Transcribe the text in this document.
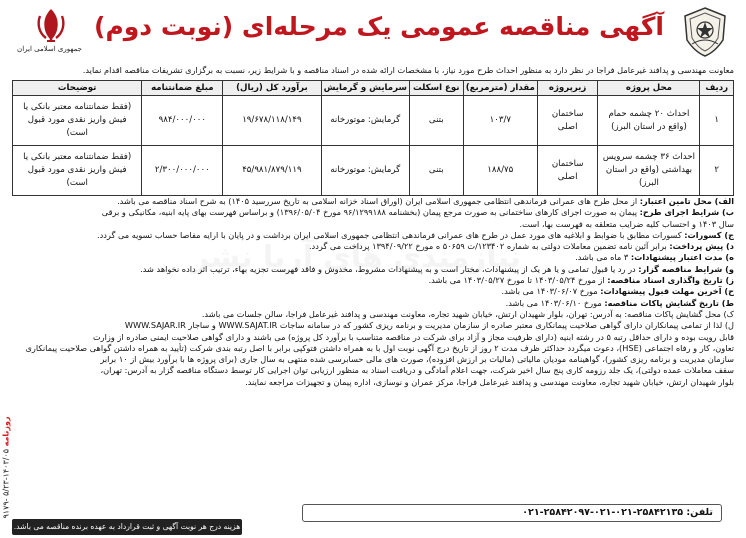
آگهی مناقصه عمومی یک مرحله‌ای (نوبت دوم)
جمهوری اسلامی ایران
معاونت مهندسی و پدافند غیرعامل فراجا در نظر دارد به منظور احداث طرح مورد نیاز، با مشخصات ارائه شده در اسناد مناقصه و با شرایط زیر، نسبت به برگزاری تشریفات مناقصه اقدام نماید.
ردیف	محل پروژه	زیرپروژه	مقدار (مترمربع)	نوع اسکلت	سرمایش و گرمایش	برآورد کل (ریال)	مبلغ ضمانتنامه	توضیحات
۱	احداث ۲۰ چشمه حمام (واقع در استان البرز)	ساختمان اصلی	۱۰۳/۷	بتنی	گرمایش: موتورخانه	۱۹/۶۷۸/۱۱۸/۱۴۹	۹۸۴/۰۰۰/۰۰۰	(فقط ضمانتنامه معتبر بانکی یا فیش واریز نقدی مورد قبول است)
۲	احداث ۳۶ چشمه سرویس بهداشتی (واقع در استان البرز)	ساختمان اصلی	۱۸۸/۷۵	بتنی	گرمایش: موتورخانه	۴۵/۹۸۱/۸۷۹/۱۱۹	۲/۳۰۰/۰۰۰/۰۰۰	(فقط ضمانتنامه معتبر بانکی یا فیش واریز نقدی مورد قبول است)
الف) محل تامین اعتبار: از محل طرح های عمرانی فرماندهی انتظامی جمهوری اسلامی ایران (اوراق اسناد خزانه اسلامی به تاریخ سررسید ۱۴۰۵) به شرح اسناد مناقصه می باشد.
ب) شرایط اجرای طرح: پیمان به صورت اجرای کارهای ساختمانی به صورت مرجع پیمان (بخشنامه ۹۶/۱۲۹۹۱۸۸ مورخ ۱۳۹۶/۰۵/۰۴) و براساس فهرست بهای پایه ابنیه، مکانیکی و برقی
سال ۱۴۰۳ و احتساب کلیه ضرایب متعلقه به فهرست بها، است.
ج) کسورات: کسورات مطابق با ضوابط و ابلاغیه های مورد عمل در طرح های عمرانی فرماندهی انتظامی جمهوری اسلامی ایران برداشت و در پایان با ارایه مفاصا حساب تسویه می گردد.
د) پیش پرداخت: برابر آئین نامه تضمین معاملات دولتی به شماره ۱۲۳۴۰۲/ت ۵۰۶۵۹ ه مورخ ۱۳۹۴/۰۹/۲۲ پرداخت می گردد.
ه) مدت اعتبار پیشنهادات: ۳ ماه می باشد.
و) شرایط مناقصه گزار: در رد یا قبول تمامی و یا هر یک از پیشنهادات، مختار است و به پیشنهادات مشروط، مخدوش و فاقد فهرست تجزیه بهاء، ترتیب اثر داده نخواهد شد.
ز) تاریخ واگذاری اسناد مناقصه: از مورخ ۱۴۰۳/۰۵/۲۴ تا مورخ ۱۴۰۳/۰۵/۲۷ می باشد.
ح) آخرین مهلت قبول پیشنهادات: مورخ ۱۴۰۳/۰۶/۰۷ می باشد.
ط) تاریخ گشایش پاکات مناقصه: مورخ ۱۴۰۳/۰۶/۱۰ می باشد.
ک) محل گشایش پاکات مناقصه: به آدرس: تهران، بلوار شهیدان ارتش، خیابان شهید تجاره، معاونت مهندسی و پدافند غیرعامل فراجا، سالن جلسات می باشد.
ل) لذا از تمامی پیمانکاران دارای گواهی صلاحیت پیمانکاری معتبر صادره از سازمان مدیریت و برنامه ریزی کشور که در سامانه ساجات WWW.SAJAT.IR و ساجار WWW.SAJAR.IR
قابل رویت بوده و دارای حداقل رتبه ۵ در رشته ابنیه (دارای ظرفیت مجاز و آزاد برای شرکت در مناقصه متناسب با برآورد کل پروژه) می باشند و دارای گواهی صلاحیت ایمنی صادره از وزارت
تعاون، کار و رفاه اجتماعی (HSE)، دعوت میگردد حداکثر ظرف مدت ۲ روز از تاریخ درج آگهی نوبت اول با به همراه داشتن فتوکپی برابر با اصل رتبه بندی شرکت (تأیید به همراه داشتن گواهی صلاحیت پیمانکاری
سازمان مدیریت و برنامه ریزی کشور)، گواهینامه مودیان مالیاتی (مالیات بر ارزش افزوده)، صورت های مالی حسابرسی شده منتهی به سال جاری (برای پروژه ها با برآورد بیش از ۱۰ برابر
سقف معاملات عمده دولتی)، یک جلد رزومه کاری پنج سال اخیر شرکت، جهت اعلام آمادگی و دریافت اسناد به منظور ارزیابی توان اجرایی کار توسط دستگاه مناقصه گزار به آدرس: تهران،
بلوار شهیدان ارتش، خیابان شهید تجاره، معاونت مهندسی و پدافند غیرعامل فراجا، مرکز عمران و نوسازی، اداره پیمان و تجهیزات مراجعه نمایند.
تلفن: ۲۵۸۴۲۱۳۵-۰۲۱-۰۲۱-۲۵۸۴۲۰۹۷-۰۲۱
هزینه درج هر نوبت آگهی و ثبت قرارداد به عهده برنده مناقصه می باشد.
۹۱۷۹- ۵/۲۳-۱۴۰۳/۰۵ روزنامه
